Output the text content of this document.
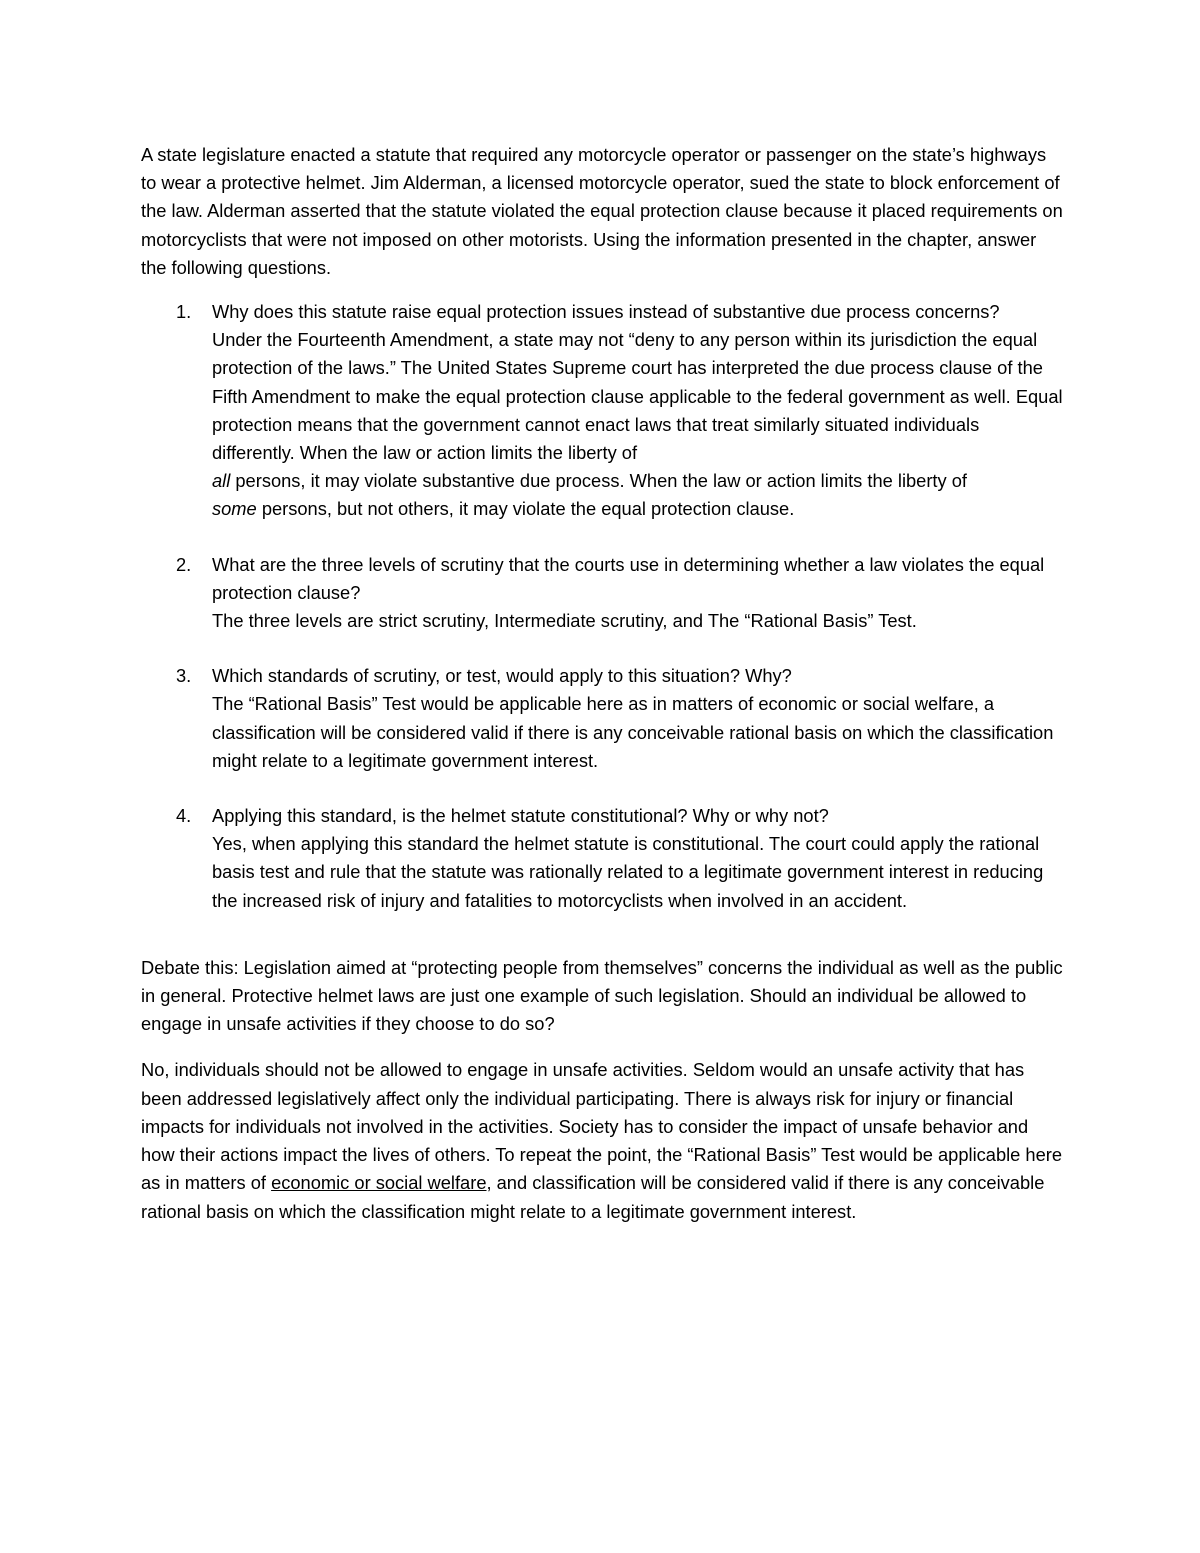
A state legislature enacted a statute that required any motorcycle operator or passenger on the state’s highways to wear a protective helmet. Jim Alderman, a licensed motorcycle operator, sued the state to block enforcement of the law. Alderman asserted that the statute violated the equal protection clause because it placed requirements on motorcyclists that were not imposed on other motorists. Using the information presented in the chapter, answer the following questions.

1. Why does this statute raise equal protection issues instead of substantive due process concerns?
Under the Fourteenth Amendment, a state may not “deny to any person within its jurisdiction the equal protection of the laws.” The United States Supreme court has interpreted the due process clause of the Fifth Amendment to make the equal protection clause applicable to the federal government as well. Equal protection means that the government cannot enact laws that treat similarly situated individuals differently. When the law or action limits the liberty of
all persons, it may violate substantive due process. When the law or action limits the liberty of
some persons, but not others, it may violate the equal protection clause.
2. What are the three levels of scrutiny that the courts use in determining whether a law violates the equal protection clause?
The three levels are strict scrutiny, Intermediate scrutiny, and The “Rational Basis” Test.
3. Which standards of scrutiny, or test, would apply to this situation? Why?
The “Rational Basis” Test would be applicable here as in matters of economic or social welfare, a classification will be considered valid if there is any conceivable rational basis on which the classification might relate to a legitimate government interest.
4. Applying this standard, is the helmet statute constitutional? Why or why not?
Yes, when applying this standard the helmet statute is constitutional. The court could apply the rational basis test and rule that the statute was rationally related to a legitimate government interest in reducing the increased risk of injury and fatalities to motorcyclists when involved in an accident.

Debate this: Legislation aimed at “protecting people from themselves” concerns the individual as well as the public in general. Protective helmet laws are just one example of such legislation. Should an individual be allowed to engage in unsafe activities if they choose to do so?

No, individuals should not be allowed to engage in unsafe activities. Seldom would an unsafe activity that has been addressed legislatively affect only the individual participating. There is always risk for injury or financial impacts for individuals not involved in the activities. Society has to consider the impact of unsafe behavior and how their actions impact the lives of others. To repeat the point, the “Rational Basis” Test would be applicable here as in matters of economic or social welfare, and classification will be considered valid if there is any conceivable rational basis on which the classification might relate to a legitimate government interest.
